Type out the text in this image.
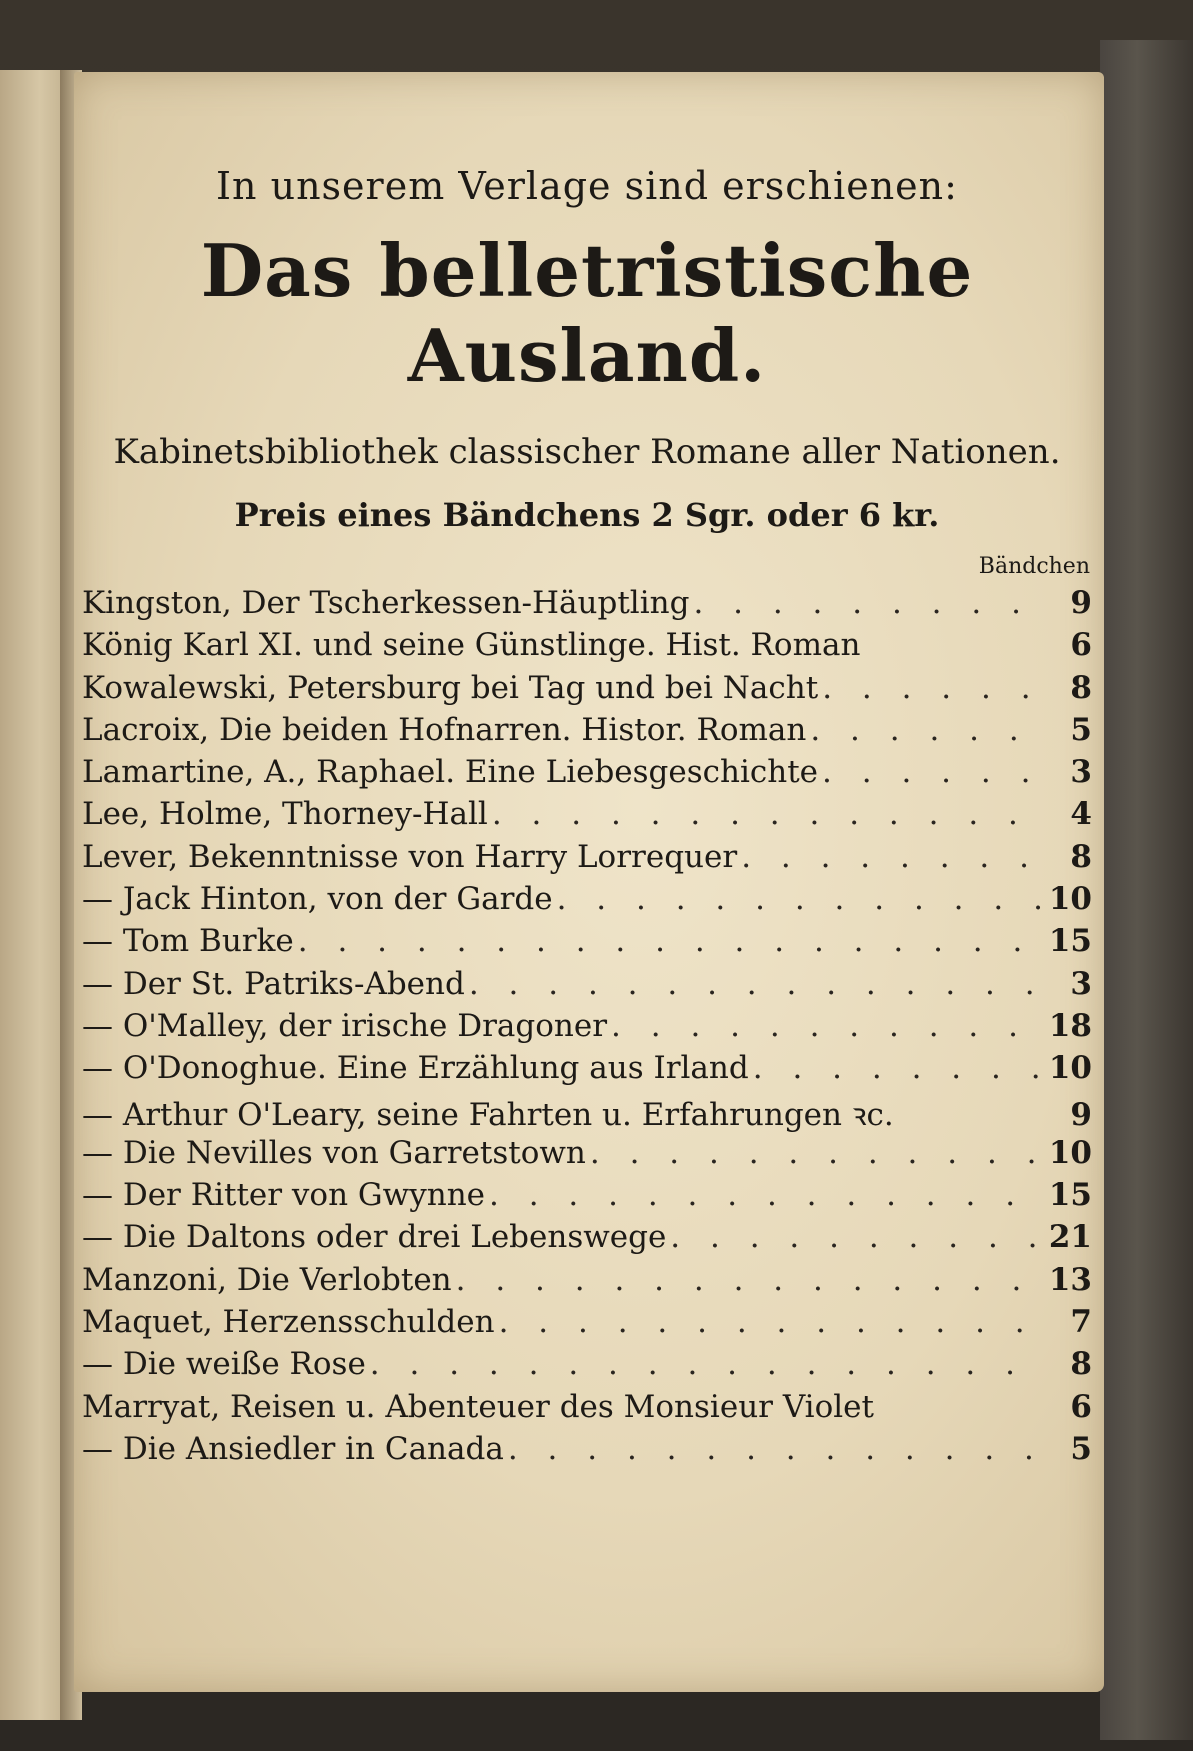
In unserem Verlage sind erschienen:
Das belletristische Ausland.
Kabinetsbibliothek classischer Romane aller Nationen.
Preis eines Bändchens 2 Sgr. oder 6 kr.
Bändchen
Kingston, Der Tscherkessen-Häuptling . . .	9
König Karl XI. und seine Günstlinge. Hist. Roman	6
Kowalewski, Petersburg bei Tag und bei Nacht . . .	8
Lacroix, Die beiden Hofnarren. Histor. Roman . . .	5
Lamartine, A., Raphael. Eine Liebesgeschichte . . .	3
Lee, Holme, Thorney-Hall . . .	4
Lever, Bekenntnisse von Harry Lorrequer . . .	8
— Jack Hinton, von der Garde . . .	10
— Tom Burke . . .	15
— Der St. Patriks-Abend . . .	3
— O'Malley, der irische Dragoner . . .	18
— O'Donoghue. Eine Erzählung aus Irland . . .	10
— Arthur O'Leary, seine Fahrten u. Erfahrungen ꝛc.	9
— Die Nevilles von Garretstown . . .	10
— Der Ritter von Gwynne . . .	15
— Die Daltons oder drei Lebenswege . . .	21
Manzoni, Die Verlobten . . .	13
Maquet, Herzensschulden . . .	7
— Die weiße Rose . . .	8
Marryat, Reisen u. Abenteuer des Monsieur Violet	6
— Die Ansiedler in Canada . . .	5
